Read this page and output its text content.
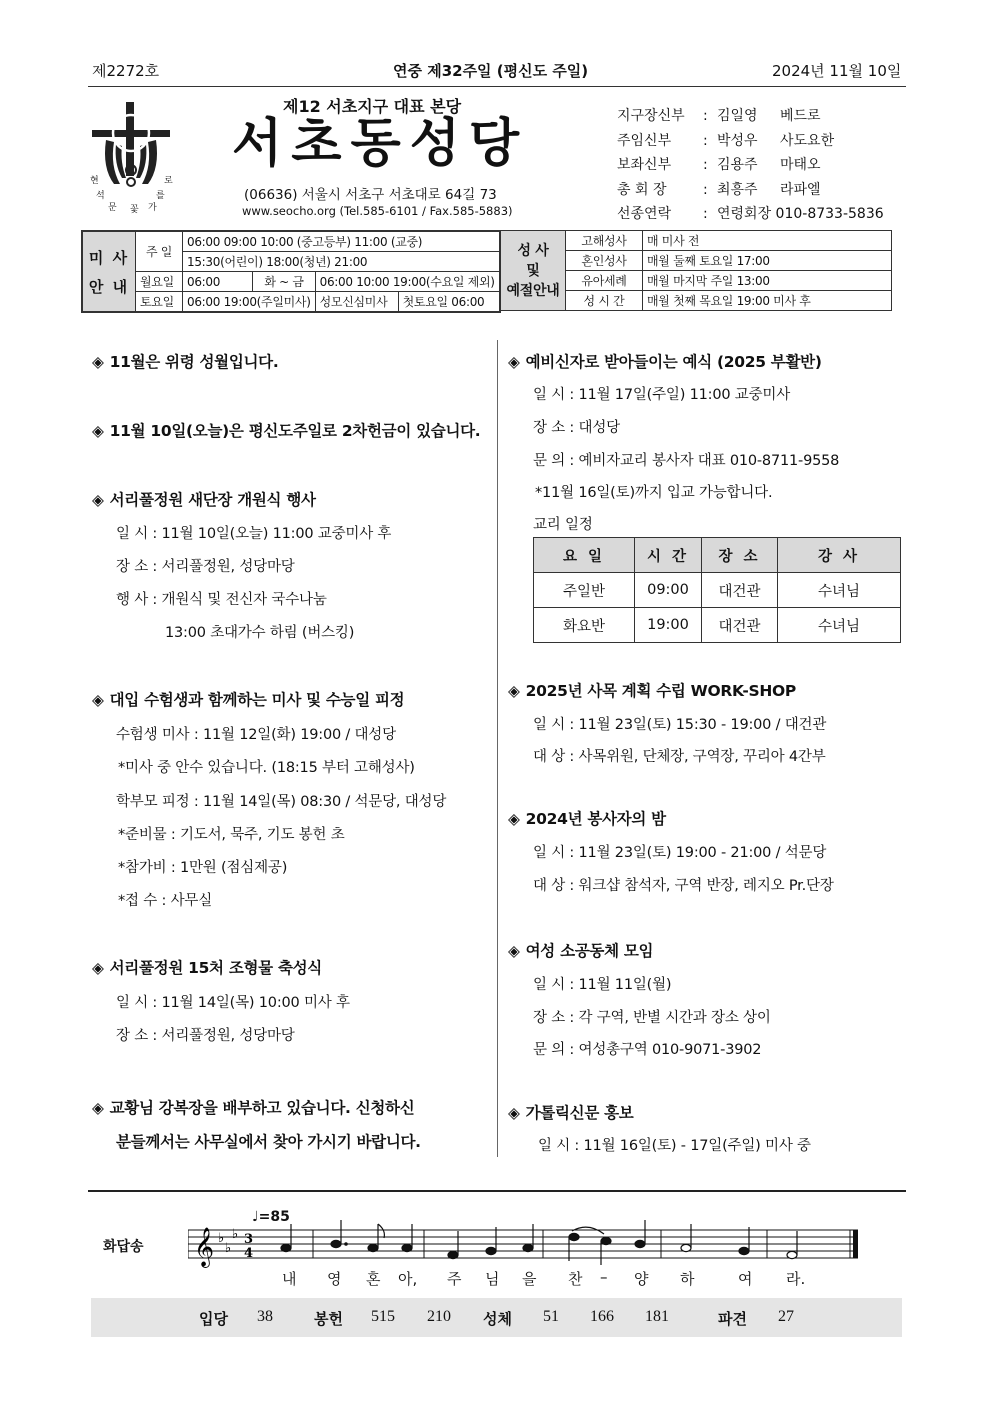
제2272호	연중 제32주일 (평신도 주일)	2024년 11월 10일
현	로
석	를
문 꽃 가
제12 서초지구 대표 본당
서초동성당
(06636) 서울시 서초구 서초대로 64길 73
www.seocho.org (Tel.585-6101 / Fax.585-5883)
지구장신부	: 김일영	베드로
주임신부	: 박성우	사도요한
보좌신부	: 김용주	마태오
총 회 장	: 최흥주	라파엘
선종연락	: 연령회장 010-8733-5836
미 사
안 내	주 일	06:00 09:00 10:00 (중고등부) 11:00 (교중)			
		15:30(어린이) 18:00(청년) 21:00			
	월요일	06:00	화 ~ 금	06:00 10:00 19:00(수요일 제외)	
	토요일	06:00 19:00(주일미사)		성모신심미사	첫토요일 06:00
성 사
및
예절안내	고해성사	매 미사 전
	혼인성사	매월 둘째 토요일 17:00
	유아세례	매월 마지막 주일 13:00
	성 시 간	매월 첫째 목요일 19:00 미사 후
◈ 11월은 위령 성월입니다.
◈ 11월 10일(오늘)은 평신도주일로 2차헌금이 있습니다.
◈ 서리풀정원 새단장 개원식 행사
일 시 : 11월 10일(오늘) 11:00 교중미사 후
장 소 : 서리풀정원, 성당마당
행 사 : 개원식 및 전신자 국수나눔
13:00 초대가수 하림 (버스킹)
◈ 대입 수험생과 함께하는 미사 및 수능일 피정
수험생 미사 : 11월 12일(화) 19:00 / 대성당
*미사 중 안수 있습니다. (18:15 부터 고해성사)
학부모 피정 : 11월 14일(목) 08:30 / 석문당, 대성당
*준비물 : 기도서, 묵주, 기도 봉헌 초
*참가비 : 1만원 (점심제공)
*접 수 : 사무실
◈ 서리풀정원 15처 조형물 축성식
일 시 : 11월 14일(목) 10:00 미사 후
장 소 : 서리풀정원, 성당마당
◈ 교황님 강복장을 배부하고 있습니다. 신청하신
분들께서는 사무실에서 찾아 가시기 바랍니다.
◈ 예비신자로 받아들이는 예식 (2025 부활반)
일 시 : 11월 17일(주일) 11:00 교중미사
장 소 : 대성당
문 의 : 예비자교리 봉사자 대표 010-8711-9558
*11월 16일(토)까지 입교 가능합니다.
교리 일정
요 일	시 간	장 소	강 사
주일반	09:00	대건관	수녀님
화요반	19:00	대건관	수녀님
◈ 2025년 사목 계획 수립 WORK-SHOP
일 시 : 11월 23일(토) 15:30 - 19:00 / 대건관
대 상 : 사목위원, 단체장, 구역장, 꾸리아 4간부
◈ 2024년 봉사자의 밤
일 시 : 11월 23일(토) 19:00 - 21:00 / 석문당
대 상 : 워크샵 참석자, 구역 반장, 레지오 Pr.단장
◈ 여성 소공동체 모임
일 시 : 11월 11일(월)
장 소 : 각 구역, 반별 시간과 장소 상이
문 의 : 여성총구역 010-9071-3902
◈ 가톨릭신문 홍보
일 시 : 11월 16일(토) - 17일(주일) 미사 중
화답송
♩=85
𝄞 ♭
♭
♭ 3
4
내 영 혼 아, 주 님 을 찬 – 양 하	여 라.
입당 38	봉헌 515 210 성체 51 166 181	파견 27
